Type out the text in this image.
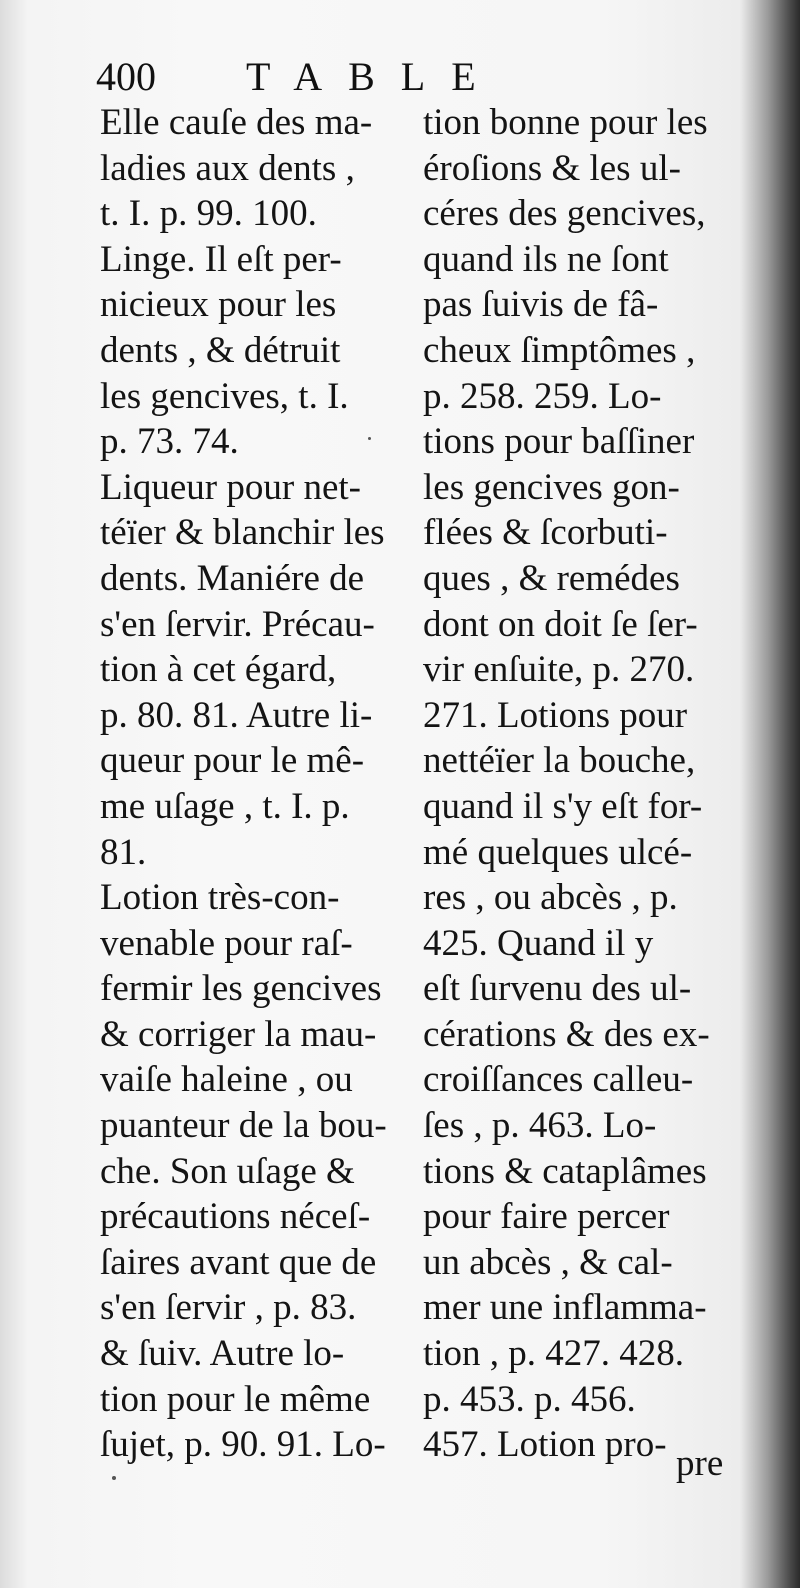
400 TABLE
Elle cauſe des ma-
ladies aux dents ,
t. I. p. 99. 100.
Linge. Il eſt per-
nicieux pour les
dents , & détruit
les gencives, t. I.
p. 73. 74.
Liqueur pour net-
téïer & blanchir les
dents. Maniére de
s'en ſervir. Précau-
tion à cet égard,
p. 80. 81. Autre li-
queur pour le mê-
me uſage , t. I. p.
81.
Lotion très-con-
venable pour raſ-
fermir les gencives
& corriger la mau-
vaiſe haleine , ou
puanteur de la bou-
che. Son uſage &
précautions néceſ-
ſaires avant que de
s'en ſervir , p. 83.
& ſuiv. Autre lo-
tion pour le même
ſujet, p. 90. 91. Lo-
tion bonne pour les
éroſions & les ul-
céres des gencives,
quand ils ne ſont
pas ſuivis de fâ-
cheux ſimptômes ,
p. 258. 259. Lo-
tions pour baſſiner
les gencives gon-
flées & ſcorbuti-
ques , & remédes
dont on doit ſe ſer-
vir enſuite, p. 270.
271. Lotions pour
nettéïer la bouche,
quand il s'y eſt for-
mé quelques ulcé-
res , ou abcès , p.
425. Quand il y
eſt ſurvenu des ul-
cérations & des ex-
croiſſances calleu-
ſes , p. 463. Lo-
tions & cataplâmes
pour faire percer
un abcès , & cal-
mer une inflamma-
tion , p. 427. 428.
p. 453. p. 456.
457. Lotion pro- pre
